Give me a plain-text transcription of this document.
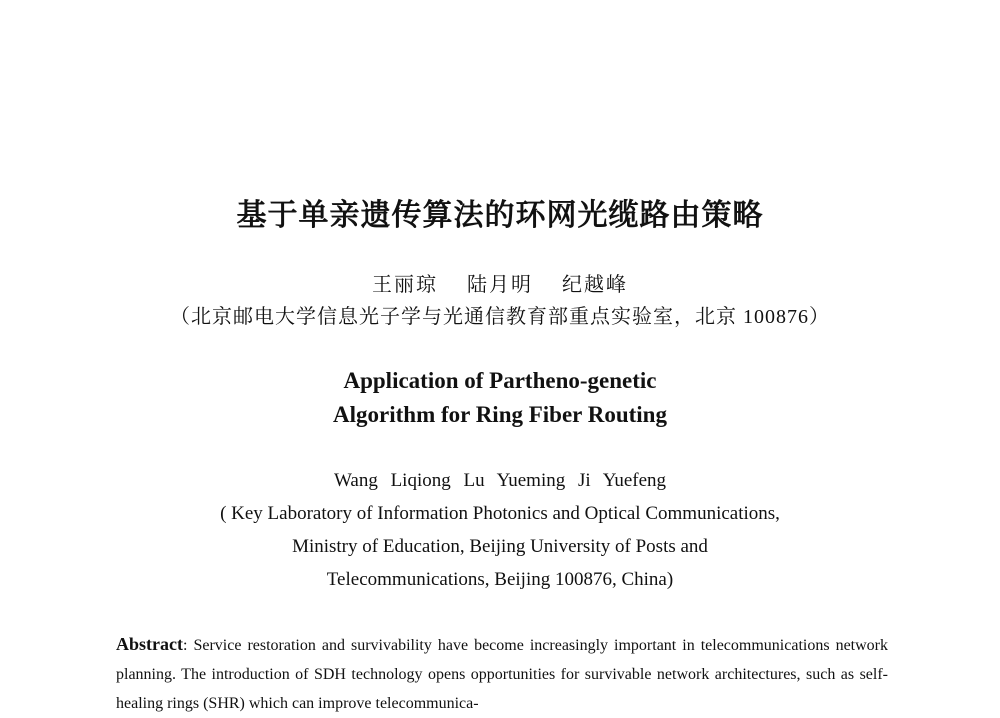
基于单亲遗传算法的环网光缆路由策略
王丽琼 陆月明 纪越峰
（北京邮电大学信息光子学与光通信教育部重点实验室，北京 100876）
Application of Partheno-genetic
Algorithm for Ring Fiber Routing
Wang Liqiong Lu Yueming Ji Yuefeng
( Key Laboratory of Information Photonics and Optical Communications,
Ministry of Education, Beijing University of Posts and
Telecommunications, Beijing 100876, China)
Abstract: Service restoration and survivability have become increasingly important in telecommunications network planning. The introduction of SDH technology opens opportunities for survivable network architectures, such as self-healing rings (SHR) which can improve telecommunica-
